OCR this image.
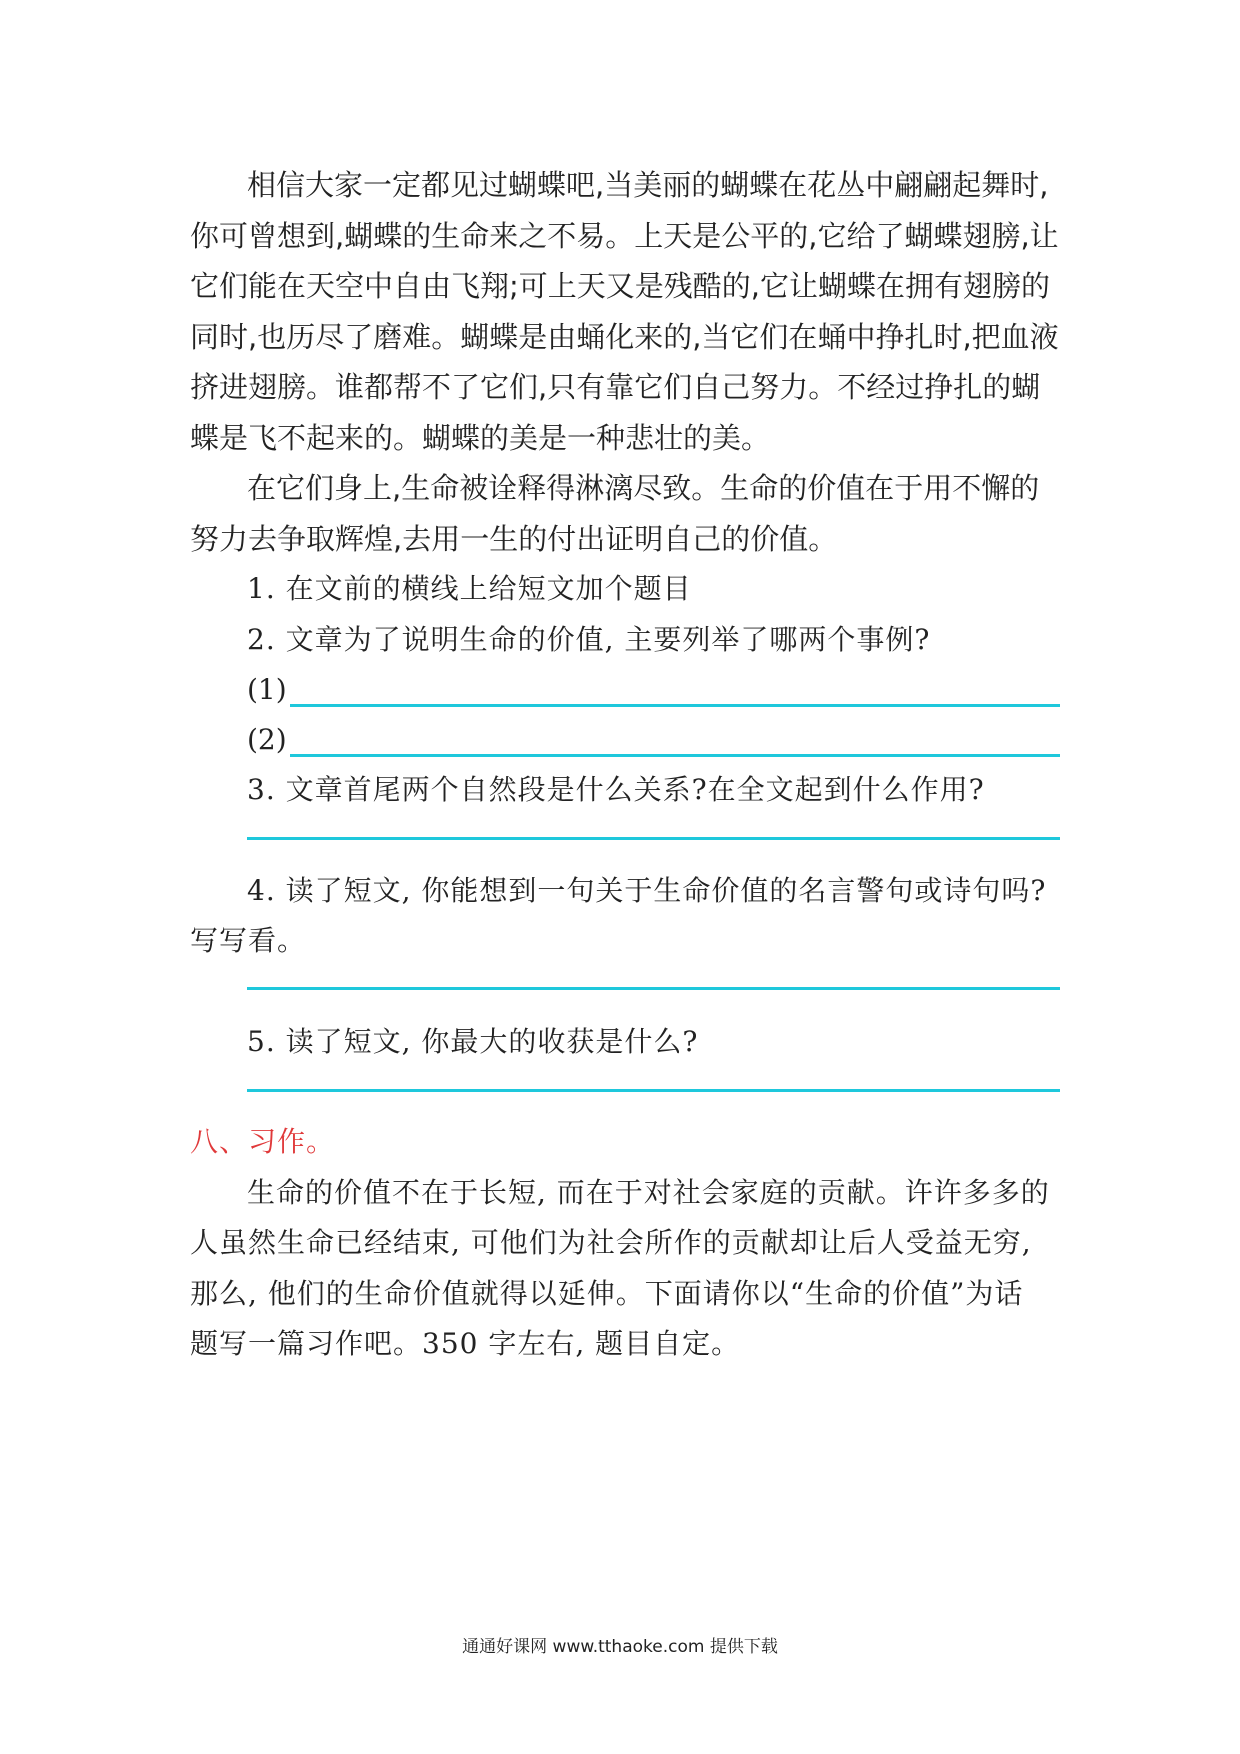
相信大家一定都见过蝴蝶吧,当美丽的蝴蝶在花丛中翩翩起舞时,
你可曾想到,蝴蝶的生命来之不易。上天是公平的,它给了蝴蝶翅膀,让
它们能在天空中自由飞翔;可上天又是残酷的,它让蝴蝶在拥有翅膀的
同时,也历尽了磨难。蝴蝶是由蛹化来的,当它们在蛹中挣扎时,把血液
挤进翅膀。谁都帮不了它们,只有靠它们自己努力。不经过挣扎的蝴
蝶是飞不起来的。蝴蝶的美是一种悲壮的美。
在它们身上,生命被诠释得淋漓尽致。生命的价值在于用不懈的
努力去争取辉煌,去用一生的付出证明自己的价值。
1. 在文前的横线上给短文加个题目
2. 文章为了说明生命的价值, 主要列举了哪两个事例?
(1)
(2)
3. 文章首尾两个自然段是什么关系?在全文起到什么作用?
4. 读了短文, 你能想到一句关于生命价值的名言警句或诗句吗?
写写看。
5. 读了短文, 你最大的收获是什么?
八、习作。
生命的价值不在于长短, 而在于对社会家庭的贡献。许许多多的
人虽然生命已经结束, 可他们为社会所作的贡献却让后人受益无穷,
那么, 他们的生命价值就得以延伸。下面请你以“生命的价值”为话
题写一篇习作吧。350 字左右, 题目自定。
通通好课网 www.tthaoke.com 提供下载
